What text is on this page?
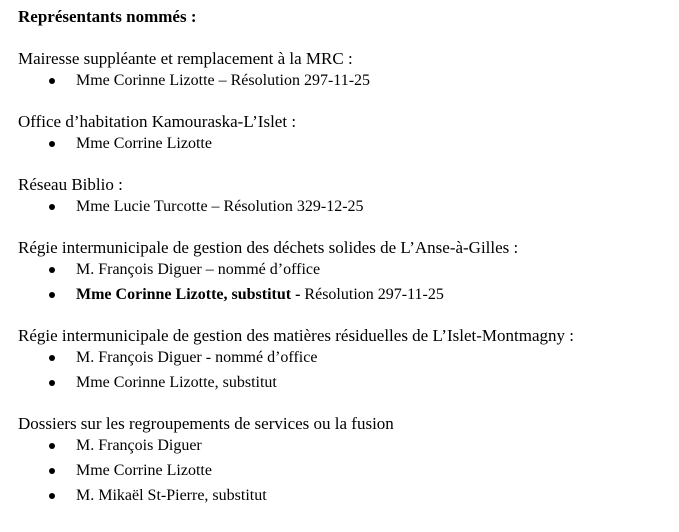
Représentants nommés :
Mairesse suppléante et remplacement à la MRC :
Mme Corinne Lizotte – Résolution 297-11-25
Office d’habitation Kamouraska-L’Islet :
Mme Corrine Lizotte
Réseau Biblio :
Mme Lucie Turcotte – Résolution 329-12-25
Régie intermunicipale de gestion des déchets solides de L’Anse-à-Gilles :
M. François Diguer – nommé d’office
Mme Corinne Lizotte, substitut - Résolution 297-11-25
Régie intermunicipale de gestion des matières résiduelles de L’Islet-Montmagny :
M. François Diguer - nommé d’office
Mme Corinne Lizotte, substitut
Dossiers sur les regroupements de services ou la fusion
M. François Diguer
Mme Corrine Lizotte
M. Mikaël St-Pierre, substitut
